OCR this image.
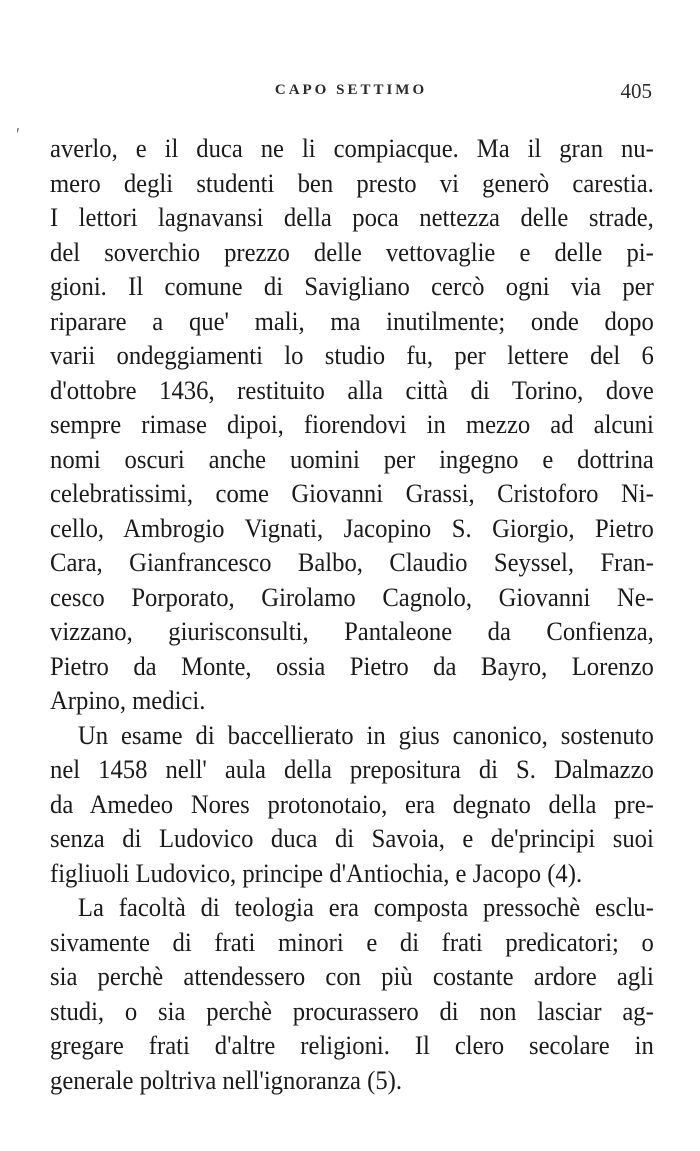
CAPO SETTIMO	405
ʹ averlo, e il duca ne li compiacque. Ma il gran nu-
mero degli studenti ben presto vi generò carestia.
I lettori lagnavansi della poca nettezza delle strade,
del soverchio prezzo delle vettovaglie e delle pi-
gioni. Il comune di Savigliano cercò ogni via per
riparare a que' mali, ma inutilmente; onde dopo
varii ondeggiamenti lo studio fu, per lettere del 6
d'ottobre 1436, restituito alla città di Torino, dove
sempre rimase dipoi, fiorendovi in mezzo ad alcuni
nomi oscuri anche uomini per ingegno e dottrina
celebratissimi, come Giovanni Grassi, Cristoforo Ni-
cello, Ambrogio Vignati, Jacopino S. Giorgio, Pietro
Cara, Gianfrancesco Balbo, Claudio Seyssel, Fran-
cesco Porporato, Girolamo Cagnolo, Giovanni Ne-
vizzano, giurisconsulti, Pantaleone da Confienza,
Pietro da Monte, ossia Pietro da Bayro, Lorenzo
Arpino, medici.
Un esame di baccellierato in gius canonico, sostenuto
nel 1458 nell' aula della prepositura di S. Dalmazzo
da Amedeo Nores protonotaio, era degnato della pre-
senza di Ludovico duca di Savoia, e de'principi suoi
figliuoli Ludovico, principe d'Antiochia, e Jacopo (4).
La facoltà di teologia era composta pressochè esclu-
sivamente di frati minori e di frati predicatori; o
sia perchè attendessero con più costante ardore agli
studi, o sia perchè procurassero di non lasciar ag-
gregare frati d'altre religioni. Il clero secolare in
generale poltriva nell'ignoranza (5).
